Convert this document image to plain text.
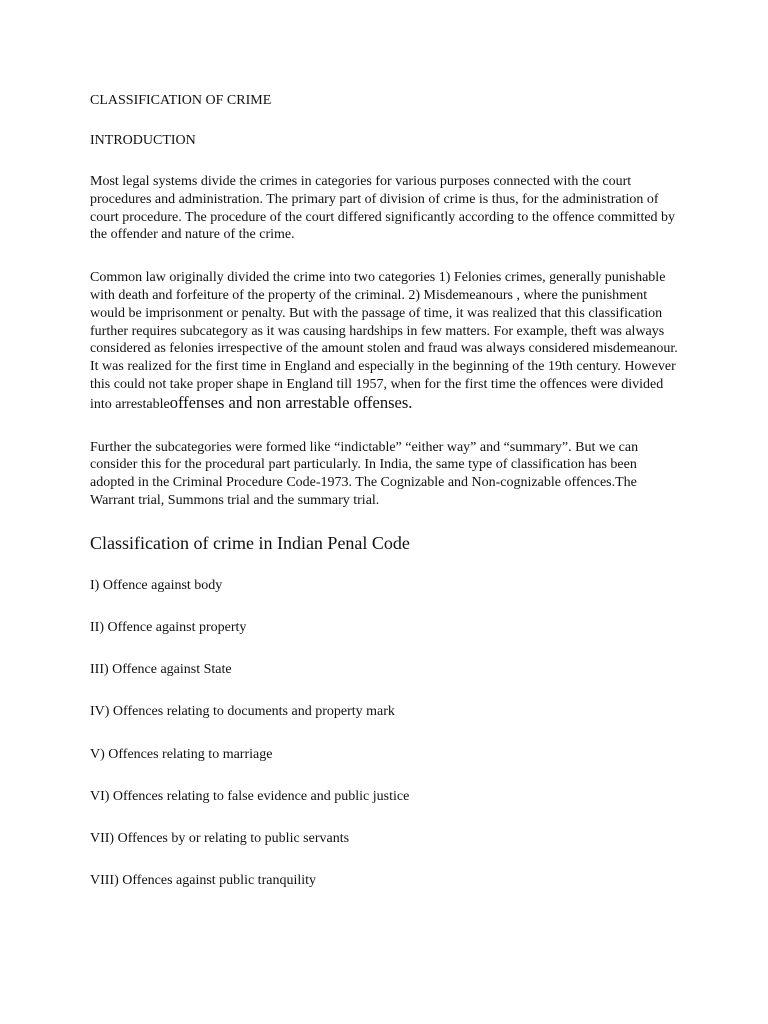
CLASSIFICATION OF CRIME

INTRODUCTION

Most legal systems divide the crimes in categories for various purposes connected with the court procedures and administration. The primary part of division of crime is thus, for the administration of court procedure. The procedure of the court differed significantly according to the offence committed by the offender and nature of the crime.

Common law originally divided the crime into two categories 1) Felonies crimes, generally punishable with death and forfeiture of the property of the criminal. 2) Misdemeanours , where the punishment would be imprisonment or penalty. But with the passage of time, it was realized that this classification further requires subcategory as it was causing hardships in few matters. For example, theft was always considered as felonies irrespective of the amount stolen and fraud was always considered misdemeanour. It was realized for the first time in England and especially in the beginning of the 19th century. However this could not take proper shape in England till 1957, when for the first time the offences were divided into arrestableoffenses and non arrestable offenses.

Further the subcategories were formed like “indictable” “either way” and “summary”. But we can consider this for the procedural part particularly. In India, the same type of classification has been adopted in the Criminal Procedure Code-1973. The Cognizable and Non-cognizable offences.The Warrant trial, Summons trial and the summary trial.

Classification of crime in Indian Penal Code
I) Offence against body
II) Offence against property
III) Offence against State
IV) Offences relating to documents and property mark
V) Offences relating to marriage
VI) Offences relating to false evidence and public justice
VII) Offences by or relating to public servants
VIII) Offences against public tranquility
